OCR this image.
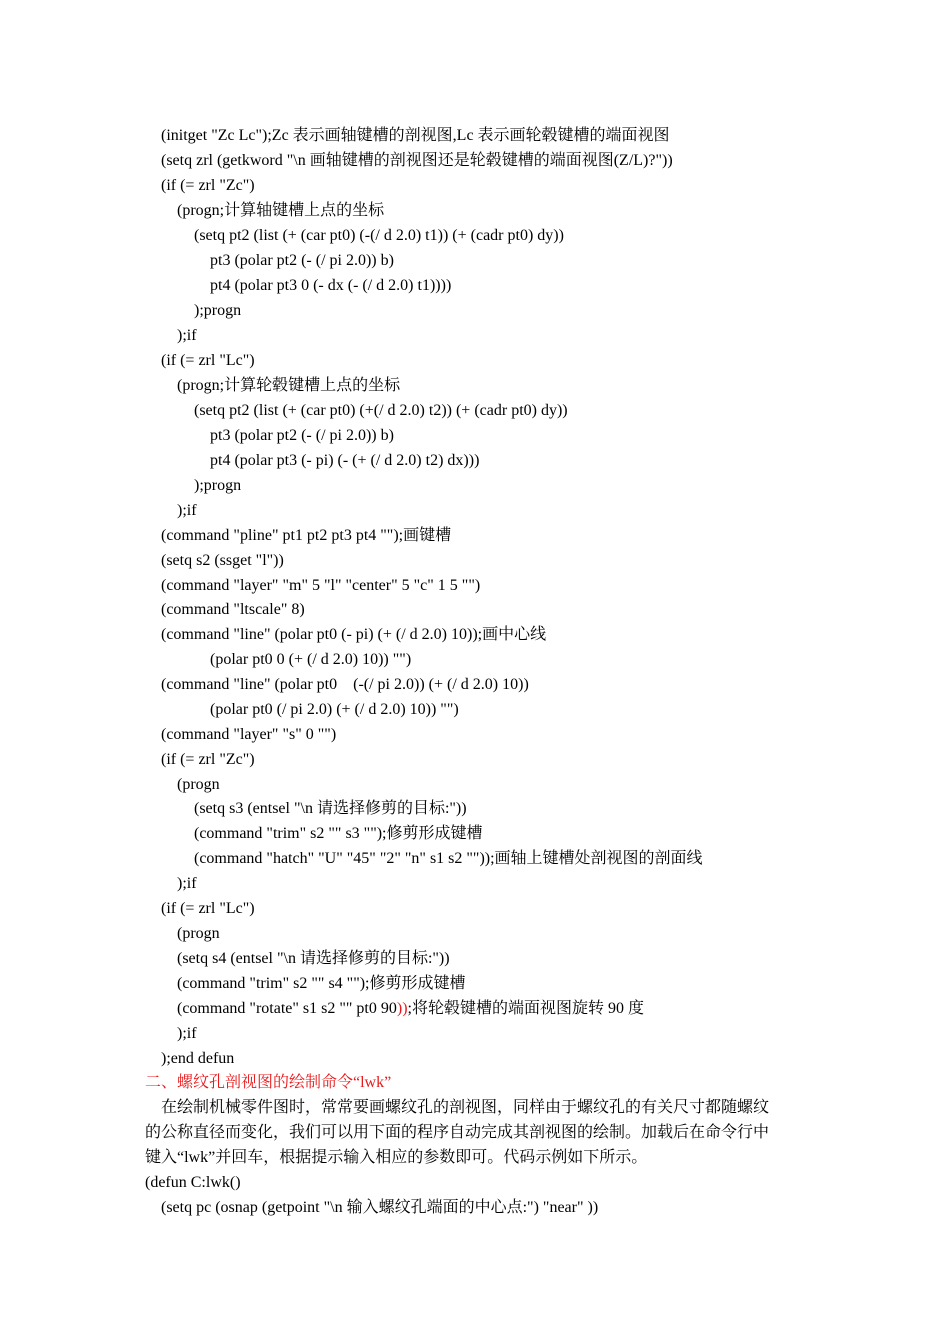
(initget "Zc Lc");Zc 表示画轴键槽的剖视图,Lc 表示画轮毂键槽的端面视图
(setq zrl (getkword "\n 画轴键槽的剖视图还是轮毂键槽的端面视图(Z/L)?"))
(if (= zrl "Zc")
(progn;计算轴键槽上点的坐标
(setq pt2 (list (+ (car pt0) (-(/ d 2.0) t1)) (+ (cadr pt0) dy))
pt3 (polar pt2 (- (/ pi 2.0)) b)
pt4 (polar pt3 0 (- dx (- (/ d 2.0) t1))))
);progn
);if
(if (= zrl "Lc")
(progn;计算轮毂键槽上点的坐标
(setq pt2 (list (+ (car pt0) (+(/ d 2.0) t2)) (+ (cadr pt0) dy))
pt3 (polar pt2 (- (/ pi 2.0)) b)
pt4 (polar pt3 (- pi) (- (+ (/ d 2.0) t2) dx)))
);progn
);if
(command "pline" pt1 pt2 pt3 pt4 "");画键槽
(setq s2 (ssget "l"))
(command "layer" "m" 5 "l" "center" 5 "c" 1 5 "")
(command "ltscale" 8)
(command "line" (polar pt0 (- pi) (+ (/ d 2.0) 10));画中心线
(polar pt0 0 (+ (/ d 2.0) 10)) "")
(command "line" (polar pt0    (-(/ pi 2.0)) (+ (/ d 2.0) 10))
(polar pt0 (/ pi 2.0) (+ (/ d 2.0) 10)) "")
(command "layer" "s" 0 "")
(if (= zrl "Zc")
(progn
(setq s3 (entsel "\n 请选择修剪的目标:"))
(command "trim" s2 "" s3 "");修剪形成键槽
(command "hatch" "U" "45" "2" "n" s1 s2 ""));画轴上键槽处剖视图的剖面线
);if
(if (= zrl "Lc")
(progn
(setq s4 (entsel "\n 请选择修剪的目标:"))
(command "trim" s2 "" s4 "");修剪形成键槽
(command "rotate" s1 s2 "" pt0 90));将轮毂键槽的端面视图旋转 90 度
);if
);end defun
二、螺纹孔剖视图的绘制命令“lwk”
在绘制机械零件图时，常常要画螺纹孔的剖视图，同样由于螺纹孔的有关尺寸都随螺纹
的公称直径而变化，我们可以用下面的程序自动完成其剖视图的绘制。加载后在命令行中
键入“lwk”并回车，根据提示输入相应的参数即可。代码示例如下所示。
(defun C:lwk()
(setq pc (osnap (getpoint "\n 输入螺纹孔端面的中心点:") "near" ))
